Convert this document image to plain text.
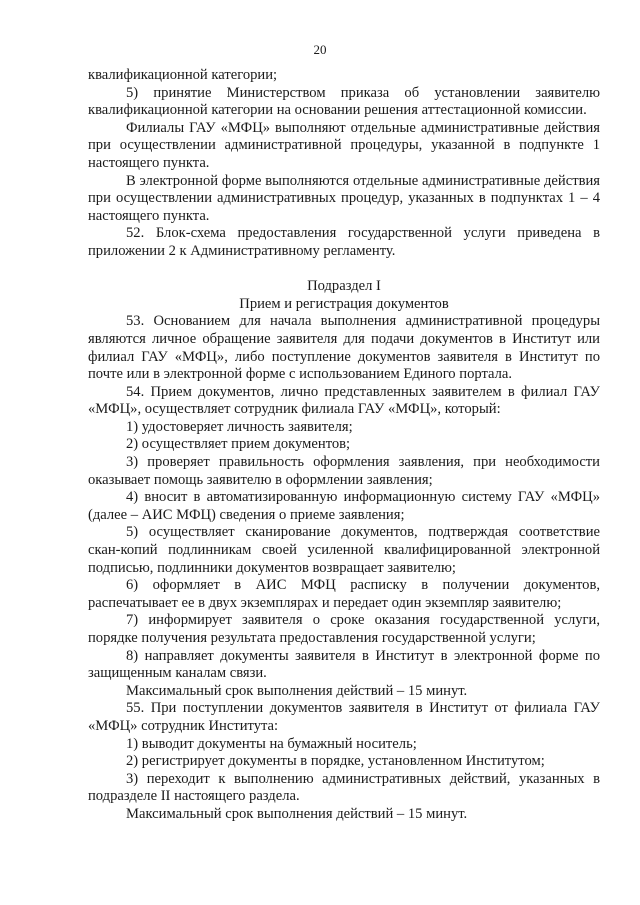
20

квалификационной категории;

5) принятие Министерством приказа об установлении заявителю квалификационной категории на основании решения аттестационной комиссии.

Филиалы ГАУ «МФЦ» выполняют отдельные административные действия при осуществлении административной процедуры, указанной в подпункте 1 настоящего пункта.

В электронной форме выполняются отдельные административные действия при осуществлении административных процедур, указанных в подпунктах 1 – 4 настоящего пункта.

52. Блок-схема предоставления государственной услуги приведена в приложении 2 к Административному регламенту.

Подраздел I

Прием и регистрация документов

53. Основанием для начала выполнения административной процедуры являются личное обращение заявителя для подачи документов в Институт или филиал ГАУ «МФЦ», либо поступление документов заявителя в Институт по почте или в электронной форме с использованием Единого портала.

54. Прием документов, лично представленных заявителем в филиал ГАУ «МФЦ», осуществляет сотрудник филиала ГАУ «МФЦ», который:

1) удостоверяет личность заявителя;

2) осуществляет прием документов;

3) проверяет правильность оформления заявления, при необходимости оказывает помощь заявителю в оформлении заявления;

4) вносит в автоматизированную информационную систему ГАУ «МФЦ» (далее – АИС МФЦ) сведения о приеме заявления;

5) осуществляет сканирование документов, подтверждая соответствие скан-копий подлинникам своей усиленной квалифицированной электронной подписью, подлинники документов возвращает заявителю;

6) оформляет в АИС МФЦ расписку в получении документов, распечатывает ее в двух экземплярах и передает один экземпляр заявителю;

7) информирует заявителя о сроке оказания государственной услуги, порядке получения результата предоставления государственной услуги;

8) направляет документы заявителя в Институт в электронной форме по защищенным каналам связи.

Максимальный срок выполнения действий – 15 минут.

55. При поступлении документов заявителя в Институт от филиала ГАУ «МФЦ» сотрудник Института:

1) выводит документы на бумажный носитель;

2) регистрирует документы в порядке, установленном Институтом;

3) переходит к выполнению административных действий, указанных в подразделе II настоящего раздела.

Максимальный срок выполнения действий – 15 минут.
